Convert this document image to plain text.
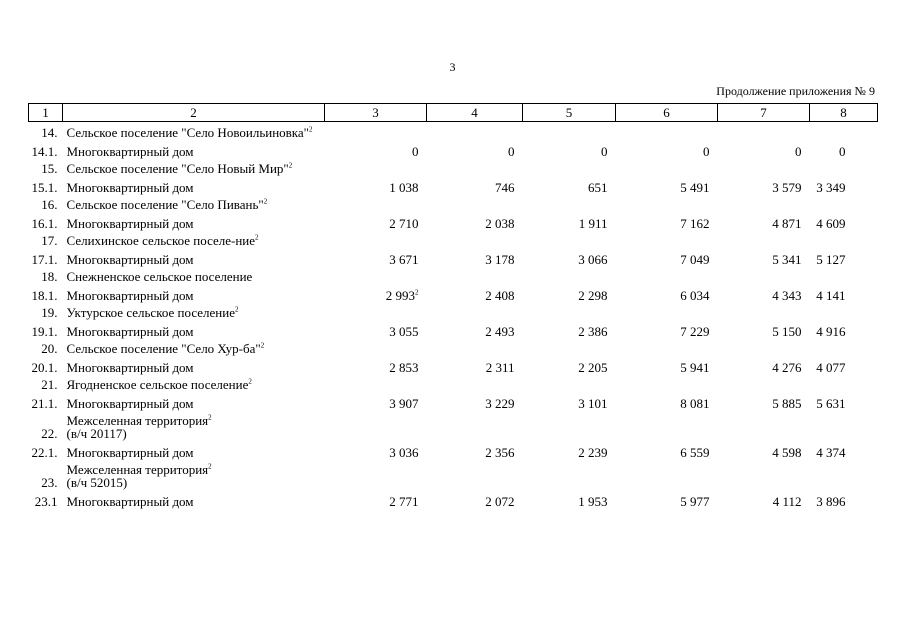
3
Продолжение приложения № 9
1	2	3	4	5	6	7	8
14.	Сельское поселение "Село Новоильиновка"$^2$						
14.1.	Многоквартирный дом	0	0	0	0	0	0
15.	Сельское поселение "Село Новый Мир"$^2$						
15.1.	Многоквартирный дом	1 038	746	651	5 491	3 579	3 349
16.	Сельское поселение "Село Пивань"$^2$						
16.1.	Многоквартирный дом	2 710	2 038	1 911	7 162	4 871	4 609
17.	Селихинское сельское поселе-ние$^2$						
17.1.	Многоквартирный дом	3 671	3 178	3 066	7 049	5 341	5 127
18.	Снежненское сельское поселение						
18.1.	Многоквартирный дом	2 $993^2$	2 408	2 298	6 034	4 343	4 141
19.	Уктурское сельское поселение$^2$						
19.1.	Многоквартирный дом	3 055	2 493	2 386	7 229	5 150	4 916
20.	Сельское поселение "Село Хур-ба"$^2$						
20.1.	Многоквартирный дом	2 853	2 311	2 205	5 941	4 276	4 077
21.	Ягодненское сельское поселение$^2$						
21.1.	Многоквартирный дом	3 907	3 229	3 101	8 081	5 885	5 631
22.	Межселенная территория$^2$
(в/ч 20117)						
22.1.	Многоквартирный дом	3 036	2 356	2 239	6 559	4 598	4 374
23.	Межселенная территория$^2$
(в/ч 52015)						
23.1	Многоквартирный дом	2 771	2 072	1 953	5 977	4 112	3 896
